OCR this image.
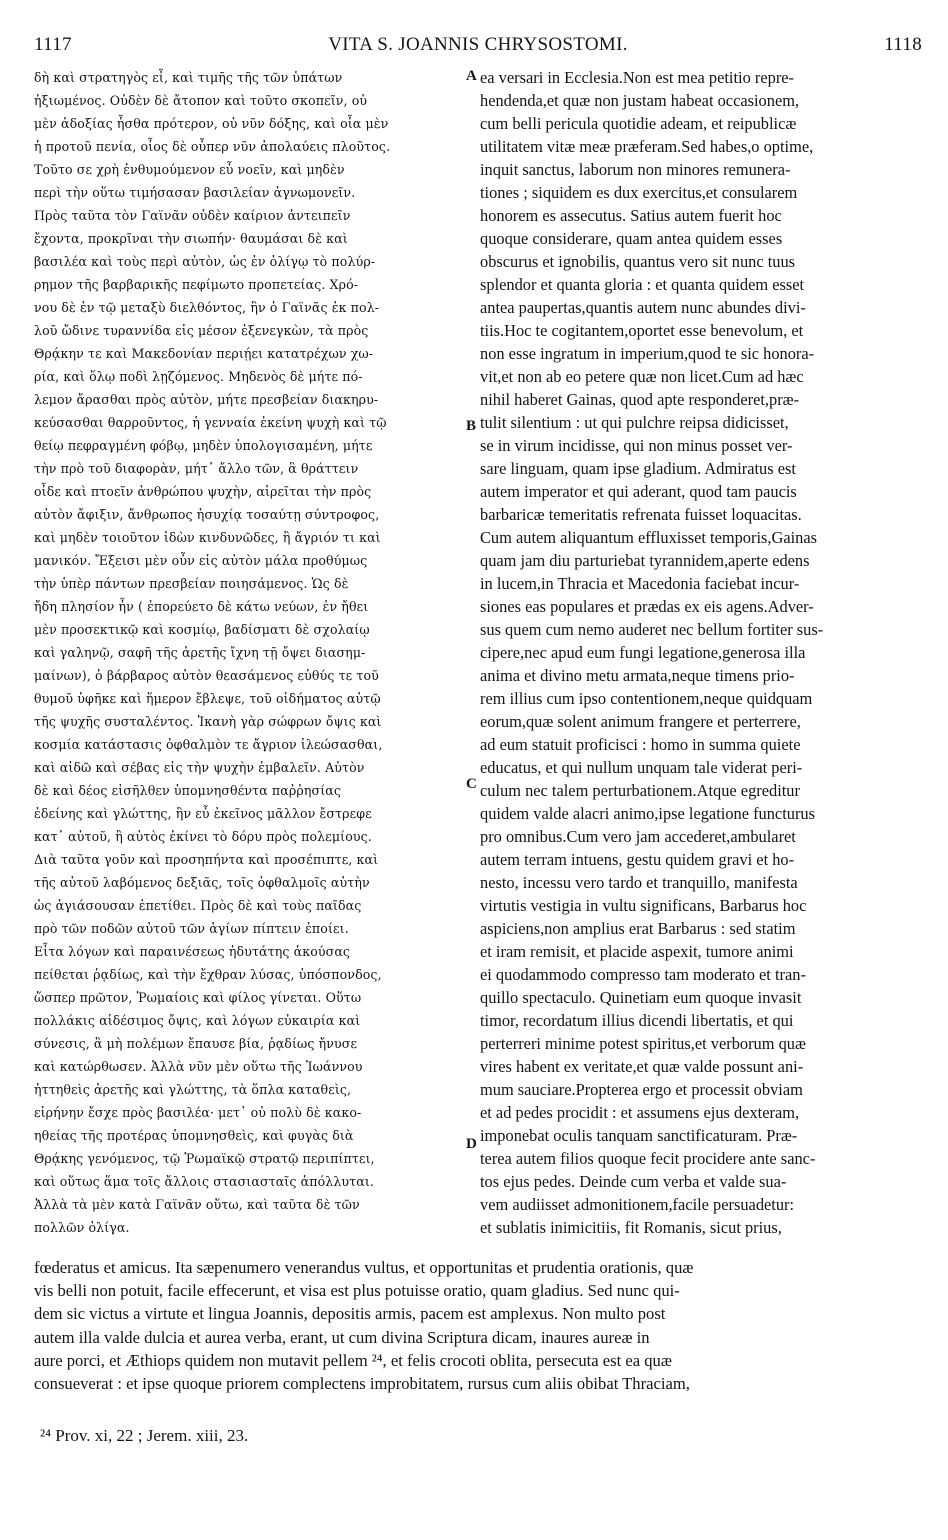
1117	VITA S. JOANNIS CHRYSOSTOMI.	1118
δὴ καὶ στρατηγὸς εἶ, καὶ τιμῆς τῆς τῶν ὑπάτων
ἠξιωμένος. Οὐδὲν δὲ ἄτοπον καὶ τοῦτο σκοπεῖν, οὐ
μὲν ἀδοξίας ἦσθα πρότερον, οὐ νῦν δόξης, καὶ οἷα μὲν
ἡ προτοῦ πενία, οἷος δὲ οὗπερ νῦν ἀπολαύεις πλοῦτος.
Τοῦτο σε χρὴ ἐνθυμούμενον εὖ νοεῖν, καὶ μηδὲν
περὶ τὴν οὕτω τιμήσασαν βασιλείαν ἀγνωμονεῖν.
Πρὸς ταῦτα τὸν Γαϊνᾶν οὐδὲν καίριον ἀντειπεῖν
ἔχοντα, προκρῖναι τὴν σιωπήν· θαυμάσαι δὲ καὶ
βασιλέα καὶ τοὺς περὶ αὐτὸν, ὡς ἐν ὀλίγῳ τὸ πολύρ-
ρημον τῆς βαρβαρικῆς πεφίμωτο προπετείας. Χρό-
νου δὲ ἐν τῷ μεταξὺ διελθόντος, ἣν ὁ Γαϊνᾶς ἐκ πολ-
λοῦ ὤδινε τυραννίδα εἰς μέσον ἐξενεγκὼν, τὰ πρὸς
Θρᾴκην τε καὶ Μακεδονίαν περιῄει κατατρέχων χω-
ρία, καὶ ὅλῳ ποδὶ λῃζόμενος. Μηδενὸς δὲ μήτε πό-
λεμον ἄρασθαι πρὸς αὐτὸν, μήτε πρεσβείαν διακηρυ-
κεύσασθαι θαρροῦντος, ἡ γενναία ἐκείνη ψυχὴ καὶ τῷ
θείῳ πεφραγμένη φόβῳ, μηδὲν ὑπολογισαμένη, μήτε
τὴν πρὸ τοῦ διαφορὰν, μήτ᾽ ἄλλο τῶν, ἃ θράττειν
οἶδε καὶ πτοεῖν ἀνθρώπου ψυχὴν, αἱρεῖται τὴν πρὸς
αὐτὸν ἄφιξιν, ἄνθρωπος ἡσυχίᾳ τοσαύτῃ σύντροφος,
καὶ μηδὲν τοιοῦτον ἰδὼν κινδυνῶδες, ἢ ἄγριόν τι καὶ
μανικόν. Ἔξεισι μὲν οὖν εἰς αὐτὸν μάλα προθύμως
τὴν ὑπὲρ πάντων πρεσβείαν ποιησάμενος. Ὡς δὲ
ἤδη πλησίον ἦν ( ἐπορεύετο δὲ κάτω νεύων, ἐν ἤθει
μὲν προσεκτικῷ καὶ κοσμίῳ, βαδίσματι δὲ σχολαίῳ
καὶ γαληνῷ, σαφῆ τῆς ἀρετῆς ἴχνη τῇ ὄψει διασημ-
μαίνων), ὁ βάρβαρος αὐτὸν θεασάμενος εὐθύς τε τοῦ
θυμοῦ ὑφῆκε καὶ ἥμερον ἔβλεψε, τοῦ οἰδήματος αὐτῷ
τῆς ψυχῆς συσταλέντος. Ἱκανὴ γὰρ σώφρων ὄψις καὶ
κοσμία κατάστασις ὀφθαλμὸν τε ἄγριον ἱλεώσασθαι,
καὶ αἰδῶ καὶ σέβας εἰς τὴν ψυχὴν ἐμβαλεῖν. Αὐτὸν
δὲ καὶ δέος εἰσῆλθεν ὑπομνησθέντα παῤῥησίας
ἐδείνης καὶ γλώττης, ἣν εὖ ἐκεῖνος μᾶλλον ἔστρεφε
κατ᾽ αὐτοῦ, ἢ αὐτὸς ἐκίνει τὸ δόρυ πρὸς πολεμίους.
Διὰ ταῦτα γοῦν καὶ προσηπήντα καὶ προσέπιπτε, καὶ
τῆς αὐτοῦ λαβόμενος δεξιᾶς, τοῖς ὀφθαλμοῖς αὐτὴν
ὡς ἁγιάσουσαν ἐπετίθει. Πρὸς δὲ καὶ τοὺς παῖδας
πρὸ τῶν ποδῶν αὐτοῦ τῶν ἁγίων πίπτειν ἐποίει.
Εἶτα λόγων καὶ παραινέσεως ἡδυτάτης ἀκούσας
πείθεται ῥᾳδίως, καὶ τὴν ἔχθραν λύσας, ὑπόσπονδος,
ὥσπερ πρῶτον, Ῥωμαίοις καὶ φίλος γίνεται. Οὕτω
πολλάκις αἰδέσιμος ὄψις, καὶ λόγων εὐκαιρία καὶ
σύνεσις, ἃ μὴ πολέμων ἔπαυσε βία, ῥᾳδίως ἤνυσε
καὶ κατώρθωσεν. Ἀλλὰ νῦν μὲν οὕτω τῆς Ἰωάννου
ἡττηθεὶς ἀρετῆς καὶ γλώττης, τὰ ὅπλα καταθεὶς,
εἰρήνην ἔσχε πρὸς βασιλέα· μετ᾽ οὐ πολὺ δὲ κακο-
ηθείας τῆς προτέρας ὑπομνησθεὶς, καὶ φυγὰς διὰ
Θρᾴκης γενόμενος, τῷ Ῥωμαϊκῷ στρατῷ περιπίπτει,
καὶ οὕτως ἅμα τοῖς ἄλλοις στασιασταῖς ἀπόλλυται.
Ἀλλὰ τὰ μὲν κατὰ Γαϊνᾶν οὕτω, καὶ ταῦτα δὲ τῶν
πολλῶν ὀλίγα.
ea versari in Ecclesia.Non est mea petitio repre-
hendenda,et quæ non justam habeat occasionem,
cum belli pericula quotidie adeam, et reipublicæ
utilitatem vitæ meæ præferam.Sed habes,o optime,
inquit sanctus, laborum non minores remunera-
tiones ; siquidem es dux exercitus,et consularem
honorem es assecutus. Satius autem fuerit hoc
quoque considerare, quam antea quidem esses
obscurus et ignobilis, quantus vero sit nunc tuus
splendor et quanta gloria : et quanta quidem esset
antea paupertas,quantis autem nunc abundes divi-
tiis.Hoc te cogitantem,oportet esse benevolum, et
non esse ingratum in imperium,quod te sic honora-
vit,et non ab eo petere quæ non licet.Cum ad hæc
nihil haberet Gainas, quod apte responderet,præ-
tulit silentium : ut qui pulchre reipsa didicisset,
se in virum incidisse, qui non minus posset ver-
sare linguam, quam ipse gladium. Admiratus est
autem imperator et qui aderant, quod tam paucis
barbaricæ temeritatis refrenata fuisset loquacitas.
Cum autem aliquantum effluxisset temporis,Gainas
quam jam diu parturiebat tyrannidem,aperte edens
in lucem,in Thracia et Macedonia faciebat incur-
siones eas populares et prædas ex eis agens.Adver-
sus quem cum nemo auderet nec bellum fortiter sus-
cipere,nec apud eum fungi legatione,generosa illa
anima et divino metu armata,neque timens prio-
rem illius cum ipso contentionem,neque quidquam
eorum,quæ solent animum frangere et perterrere,
ad eum statuit proficisci : homo in summa quiete
educatus, et qui nullum unquam tale viderat peri-
culum nec talem perturbationem.Atque egreditur
quidem valde alacri animo,ipse legatione functurus
pro omnibus.Cum vero jam accederet,ambularet
autem terram intuens, gestu quidem gravi et ho-
nesto, incessu vero tardo et tranquillo, manifesta
virtutis vestigia in vultu significans, Barbarus hoc
aspiciens,non amplius erat Barbarus : sed statim
et iram remisit, et placide aspexit, tumore animi
ei quodammodo compresso tam moderato et tran-
quillo spectaculo. Quinetiam eum quoque invasit
timor, recordatum illius dicendi libertatis, et qui
perterreri minime potest spiritus,et verborum quæ
vires habent ex veritate,et quæ valde possunt ani-
mum sauciare.Propterea ergo et processit obviam
et ad pedes procidit : et assumens ejus dexteram,
imponebat oculis tanquam sanctificaturam. Præ-
terea autem filios quoque fecit procidere ante sanc-
tos ejus pedes. Deinde cum verba et valde sua-
vem audiisset admonitionem,facile persuadetur:
et sublatis inimicitiis, fit Romanis, sicut prius,
A
B
C
D
fœderatus et amicus. Ita sæpenumero venerandus vultus, et opportunitas et prudentia orationis, quæ
vis belli non potuit, facile effecerunt, et visa est plus potuisse oratio, quam gladius. Sed nunc qui-
dem sic victus a virtute et lingua Joannis, depositis armis, pacem est amplexus. Non multo post
autem illa valde dulcia et aurea verba, erant, ut cum divina Scriptura dicam, inaures aureæ in
aure porci, et Æthiops quidem non mutavit pellem ²⁴, et felis crocoti oblita, persecuta est ea quæ
consueverat : et ipse quoque priorem complectens improbitatem, rursus cum aliis obibat Thraciam,
²⁴ Prov. xi, 22 ; Jerem. xiii, 23.
